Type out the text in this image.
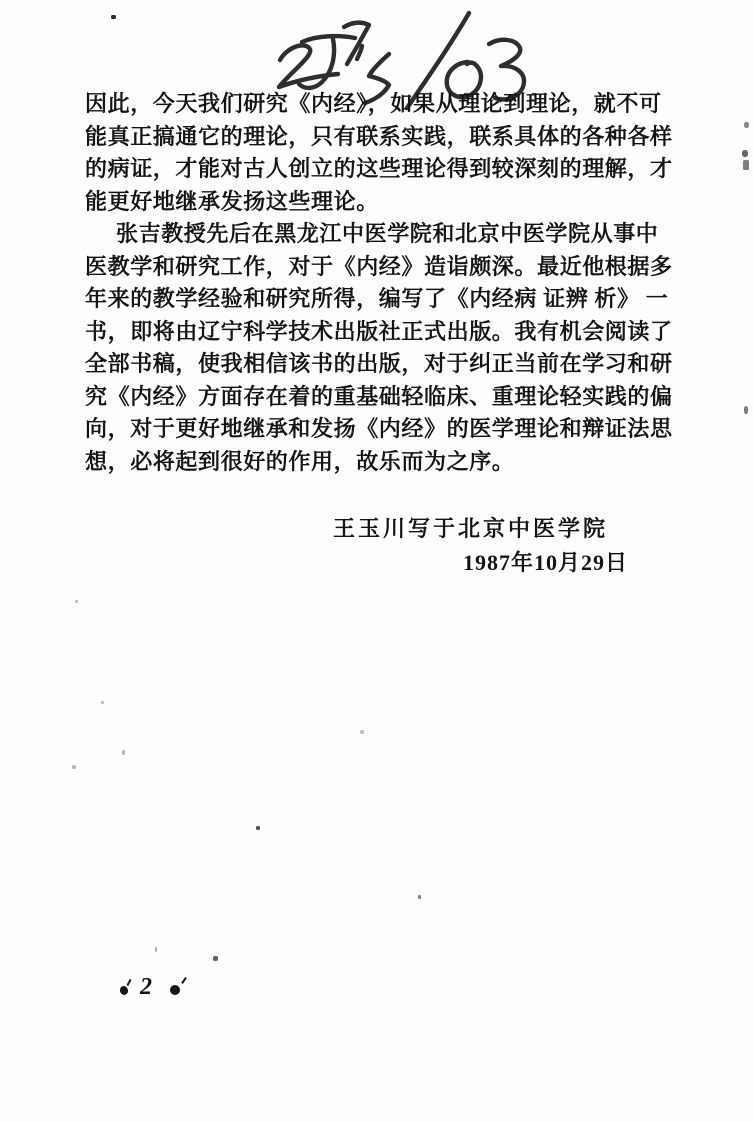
因此，今天我们研究《内经》，如果从理论到理论，就不可
能真正搞通它的理论，只有联系实践，联系具体的各种各样
的病证，才能对古人创立的这些理论得到较深刻的理解，才
能更好地继承发扬这些理论。
张吉教授先后在黑龙江中医学院和北京中医学院从事中
医教学和研究工作，对于《内经》造诣颇深。最近他根据多
年来的教学经验和研究所得，编写了《内经病 证辨 析》 一
书，即将由辽宁科学技术出版社正式出版。我有机会阅读了
全部书稿，使我相信该书的出版，对于纠正当前在学习和研
究《内经》方面存在着的重基础轻临床、重理论轻实践的偏
向，对于更好地继承和发扬《内经》的医学理论和辩证法思
想，必将起到很好的作用，故乐而为之序。
王玉川写于北京中医学院
1987年10月29日
2
